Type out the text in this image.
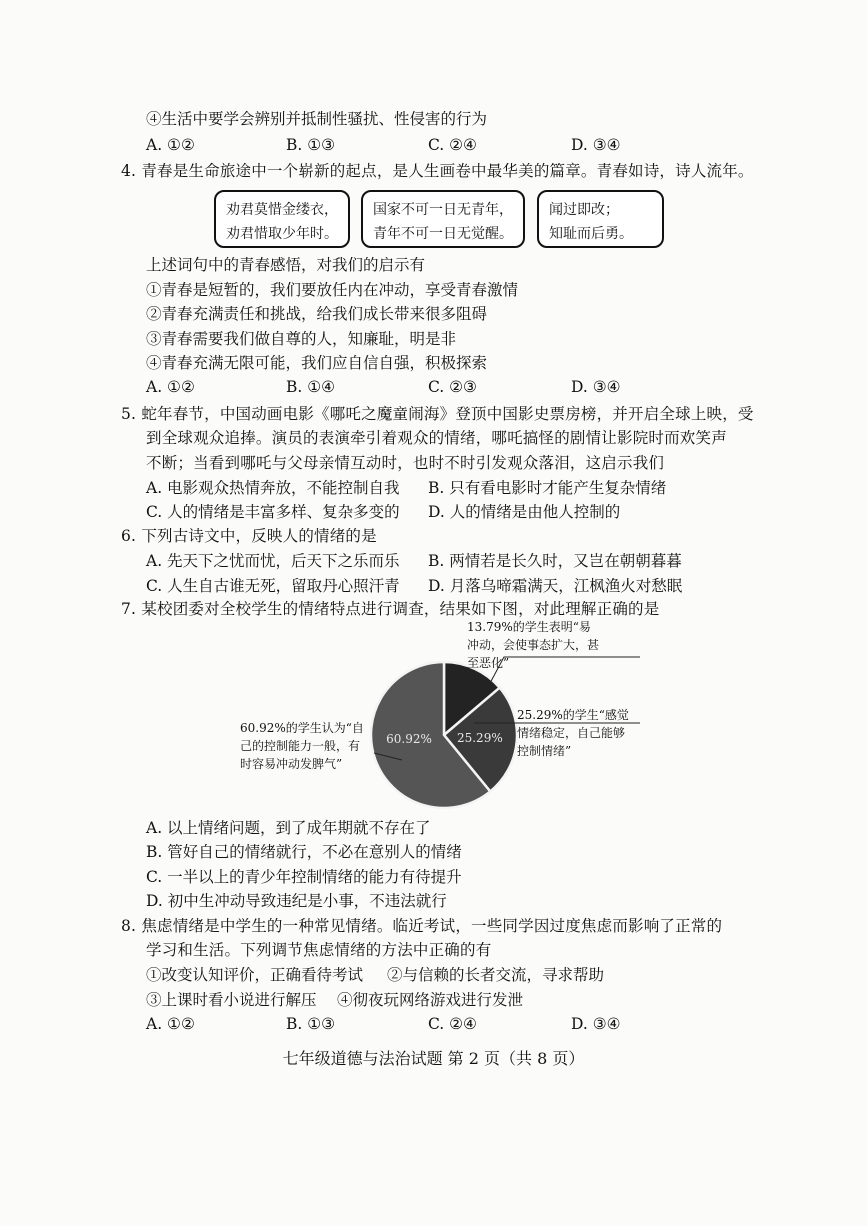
④生活中要学会辨别并抵制性骚扰、性侵害的行为
A. ①②	B. ①③	C. ②④	D. ③④
4. 青春是生命旅途中一个崭新的起点，是人生画卷中最华美的篇章。青春如诗，诗人流年。
劝君莫惜金缕衣，
劝君惜取少年时。
国家不可一日无青年，
青年不可一日无觉醒。
闻过即改；
知耻而后勇。
上述词句中的青春感悟，对我们的启示有
①青春是短暂的，我们要放任内在冲动，享受青春激情
②青春充满责任和挑战，给我们成长带来很多阻碍
③青春需要我们做自尊的人，知廉耻，明是非
④青春充满无限可能，我们应自信自强，积极探索
A. ①②	B. ①④	C. ②③	D. ③④
5. 蛇年春节，中国动画电影《哪吒之魔童闹海》登顶中国影史票房榜，并开启全球上映，受
到全球观众追捧。演员的表演牵引着观众的情绪，哪吒搞怪的剧情让影院时而欢笑声
不断；当看到哪吒与父母亲情互动时，也时不时引发观众落泪，这启示我们
A. 电影观众热情奔放，不能控制自我 B. 只有看电影时才能产生复杂情绪
C. 人的情绪是丰富多样、复杂多变的 D. 人的情绪是由他人控制的
6. 下列古诗文中，反映人的情绪的是
A. 先天下之忧而忧，后天下之乐而乐 B. 两情若是长久时，又岂在朝朝暮暮
C. 人生自古谁无死，留取丹心照汗青 D. 月落乌啼霜满天，江枫渔火对愁眠
7. 某校团委对全校学生的情绪特点进行调查，结果如下图，对此理解正确的是
25.29%
60.92%
13.79%的学生表明“易
冲动，会使事态扩大，甚
至恶化”
25.29%的学生“感觉
情绪稳定，自己能够
控制情绪”
60.92%的学生认为“自
己的控制能力一般，有
时容易冲动发脾气”
A. 以上情绪问题，到了成年期就不存在了
B. 管好自己的情绪就行，不必在意别人的情绪
C. 一半以上的青少年控制情绪的能力有待提升
D. 初中生冲动导致违纪是小事，不违法就行
8. 焦虑情绪是中学生的一种常见情绪。临近考试，一些同学因过度焦虑而影响了正常的
学习和生活。下列调节焦虑情绪的方法中正确的有
①改变认知评价，正确看待考试 ②与信赖的长者交流，寻求帮助
③上课时看小说进行解压 ④彻夜玩网络游戏进行发泄
A. ①②	B. ①③	C. ②④	D. ③④
七年级道德与法治试题 第 2 页（共 8 页）
